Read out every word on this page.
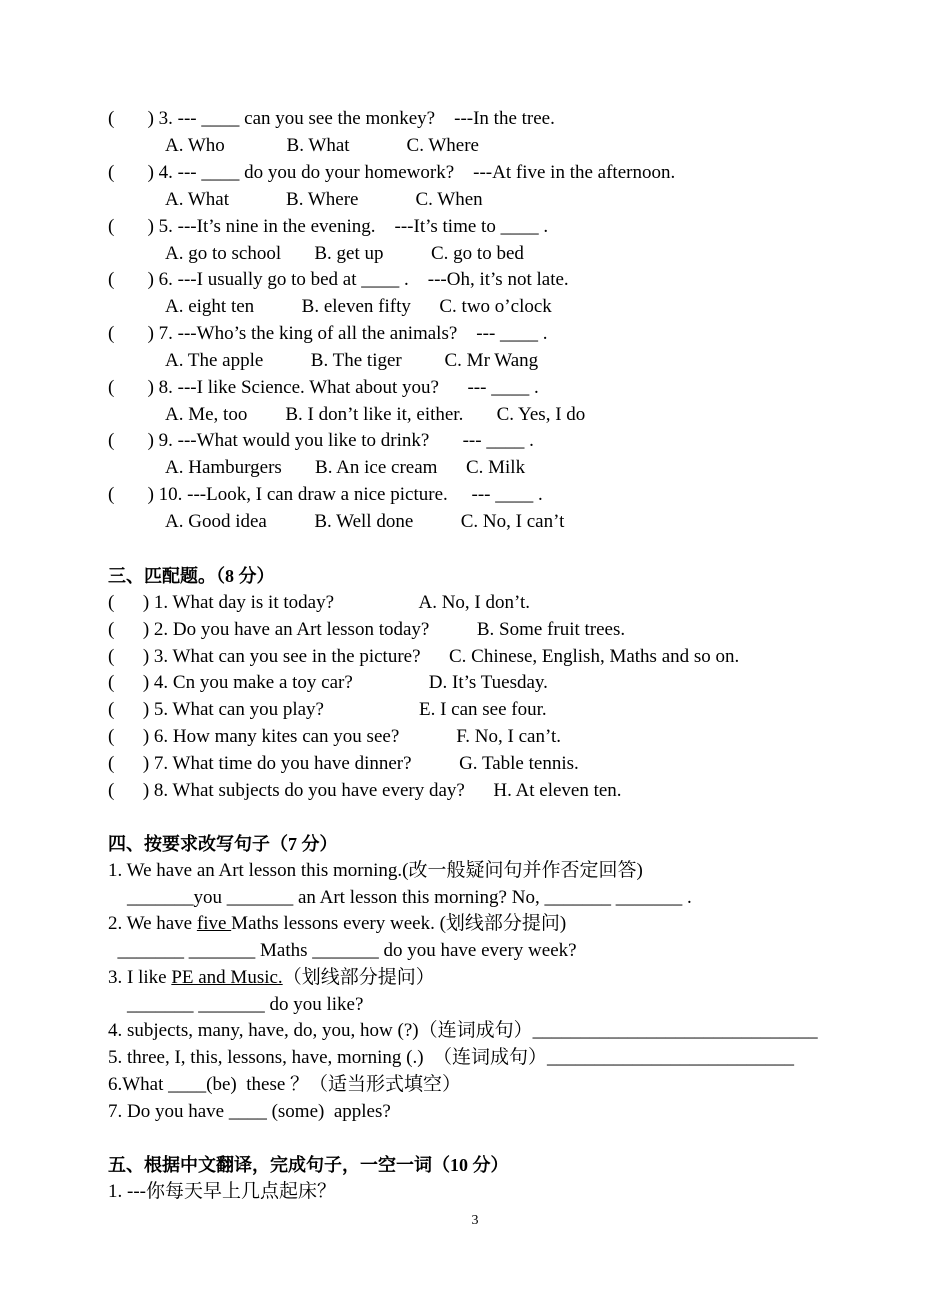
(       ) 3. --- ____ can you see the monkey?    ---In the tree.
A. Who             B. What            C. Where
(       ) 4. --- ____ do you do your homework?    ---At five in the afternoon.
A. What            B. Where            C. When
(       ) 5. ---It’s nine in the evening.    ---It’s time to ____ .
A. go to school       B. get up          C. go to bed
(       ) 6. ---I usually go to bed at ____ .    ---Oh, it’s not late.
A. eight ten          B. eleven fifty      C. two o’clock
(       ) 7. ---Who’s the king of all the animals?    --- ____ .
A. The apple          B. The tiger         C. Mr Wang
(       ) 8. ---I like Science. What about you?      --- ____ .
A. Me, too        B. I don’t like it, either.       C. Yes, I do
(       ) 9. ---What would you like to drink?       --- ____ .
A. Hamburgers       B. An ice cream      C. Milk
(       ) 10. ---Look, I can draw a nice picture.     --- ____ .
A. Good idea          B. Well done          C. No, I can’t
三、匹配题。（8 分）
(      ) 1. What day is it today?                  A. No, I don’t.
(      ) 2. Do you have an Art lesson today?          B. Some fruit trees.
(      ) 3. What can you see in the picture?      C. Chinese, English, Maths and so on.
(      ) 4. Cn you make a toy car?                D. It’s Tuesday.
(      ) 5. What can you play?                    E. I can see four.
(      ) 6. How many kites can you see?            F. No, I can’t.
(      ) 7. What time do you have dinner?          G. Table tennis.
(      ) 8. What subjects do you have every day?      H. At eleven ten.
四、按要求改写句子（7 分）
1. We have an Art lesson this morning.(改一般疑问句并作否定回答)
_______you _______ an Art lesson this morning? No, _______ _______ .
2. We have five Maths lessons every week. (划线部分提问)
_______ _______ Maths _______ do you have every week?
3. I like PE and Music.（划线部分提问）
_______ _______ do you like?
4. subjects, many, have, do, you, how (?)（连词成句）______________________________
5. three, I, this, lessons, have, morning (.)  （连词成句）__________________________
6.What ____(be)  these ？（适当形式填空）
7. Do you have ____ (some)  apples?
五、根据中文翻译，完成句子，一空一词（10 分）
1. ---你每天早上几点起床？
3
